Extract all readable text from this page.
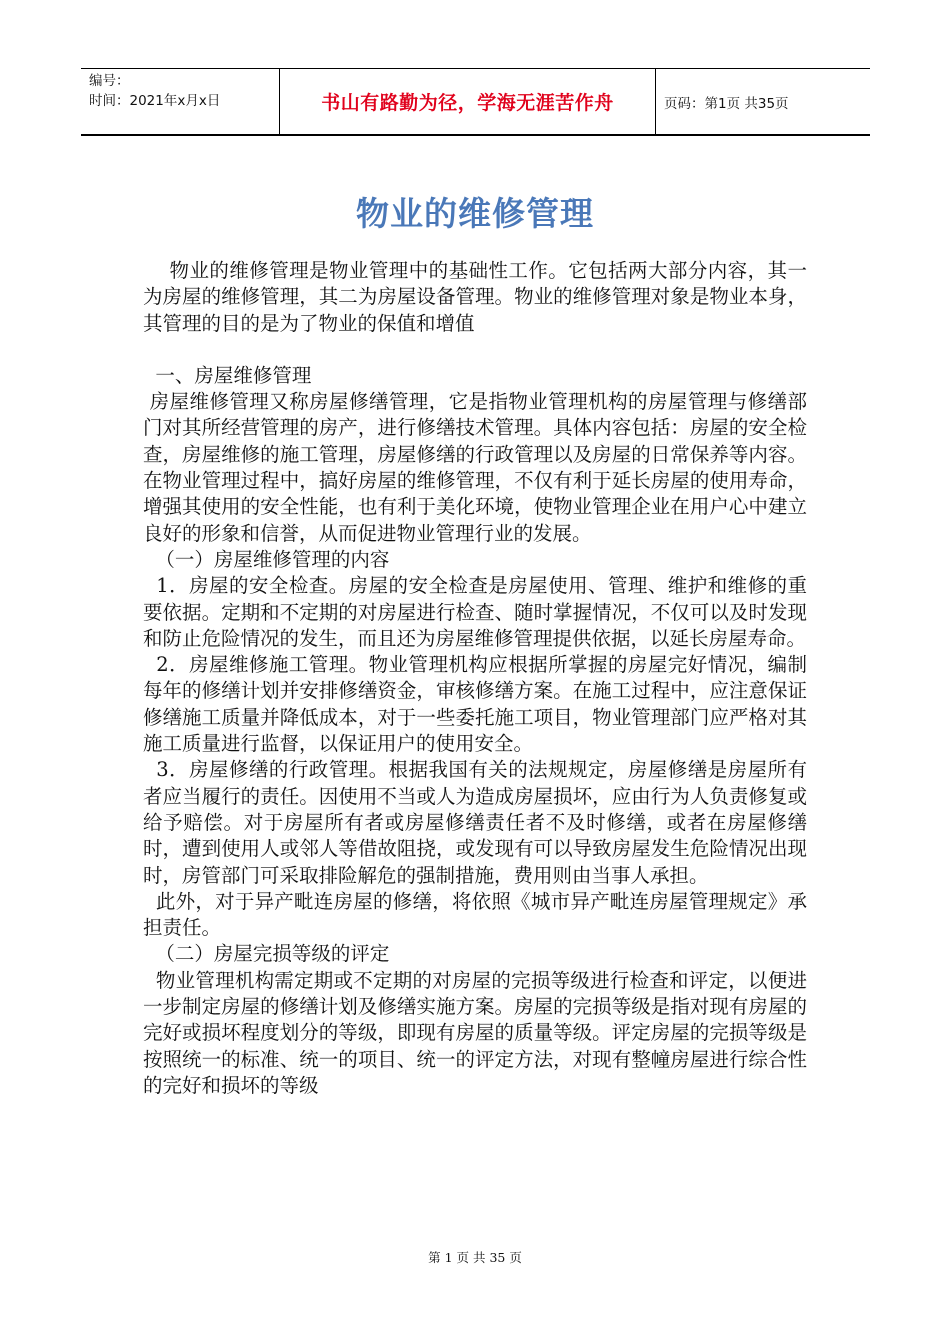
编号：
时间：2021年x月x日	书山有路勤为径，学海无涯苦作舟	页码：第1页 共35页
物业的维修管理

物业的维修管理是物业管理中的基础性工作。它包括两大部分内容，其一为房屋的维修管理，其二为房屋设备管理。物业的维修管理对象是物业本身，其管理的目的是为了物业的保值和增值

一、房屋维修管理

房屋维修管理又称房屋修缮管理，它是指物业管理机构的房屋管理与修缮部门对其所经营管理的房产，进行修缮技术管理。具体内容包括：房屋的安全检查，房屋维修的施工管理，房屋修缮的行政管理以及房屋的日常保养等内容。在物业管理过程中，搞好房屋的维修管理，不仅有利于延长房屋的使用寿命，增强其使用的安全性能，也有利于美化环境，使物业管理企业在用户心中建立良好的形象和信誉，从而促进物业管理行业的发展。

（一）房屋维修管理的内容

1．房屋的安全检查。房屋的安全检查是房屋使用、管理、维护和维修的重要依据。定期和不定期的对房屋进行检查、随时掌握情况，不仅可以及时发现和防止危险情况的发生，而且还为房屋维修管理提供依据，以延长房屋寿命。

2．房屋维修施工管理。物业管理机构应根据所掌握的房屋完好情况，编制每年的修缮计划并安排修缮资金，审核修缮方案。在施工过程中，应注意保证修缮施工质量并降低成本，对于一些委托施工项目，物业管理部门应严格对其施工质量进行监督，以保证用户的使用安全。

3．房屋修缮的行政管理。根据我国有关的法规规定，房屋修缮是房屋所有者应当履行的责任。因使用不当或人为造成房屋损坏，应由行为人负责修复或给予赔偿。对于房屋所有者或房屋修缮责任者不及时修缮，或者在房屋修缮时，遭到使用人或邻人等借故阻挠，或发现有可以导致房屋发生危险情况出现时，房管部门可采取排险解危的强制措施，费用则由当事人承担。

此外，对于异产毗连房屋的修缮，将依照《城市异产毗连房屋管理规定》承担责任。

（二）房屋完损等级的评定

物业管理机构需定期或不定期的对房屋的完损等级进行检查和评定，以便进一步制定房屋的修缮计划及修缮实施方案。房屋的完损等级是指对现有房屋的完好或损坏程度划分的等级，即现有房屋的质量等级。评定房屋的完损等级是按照统一的标准、统一的项目、统一的评定方法，对现有整幢房屋进行综合性的完好和损坏的等级

第 1 页 共 35 页
